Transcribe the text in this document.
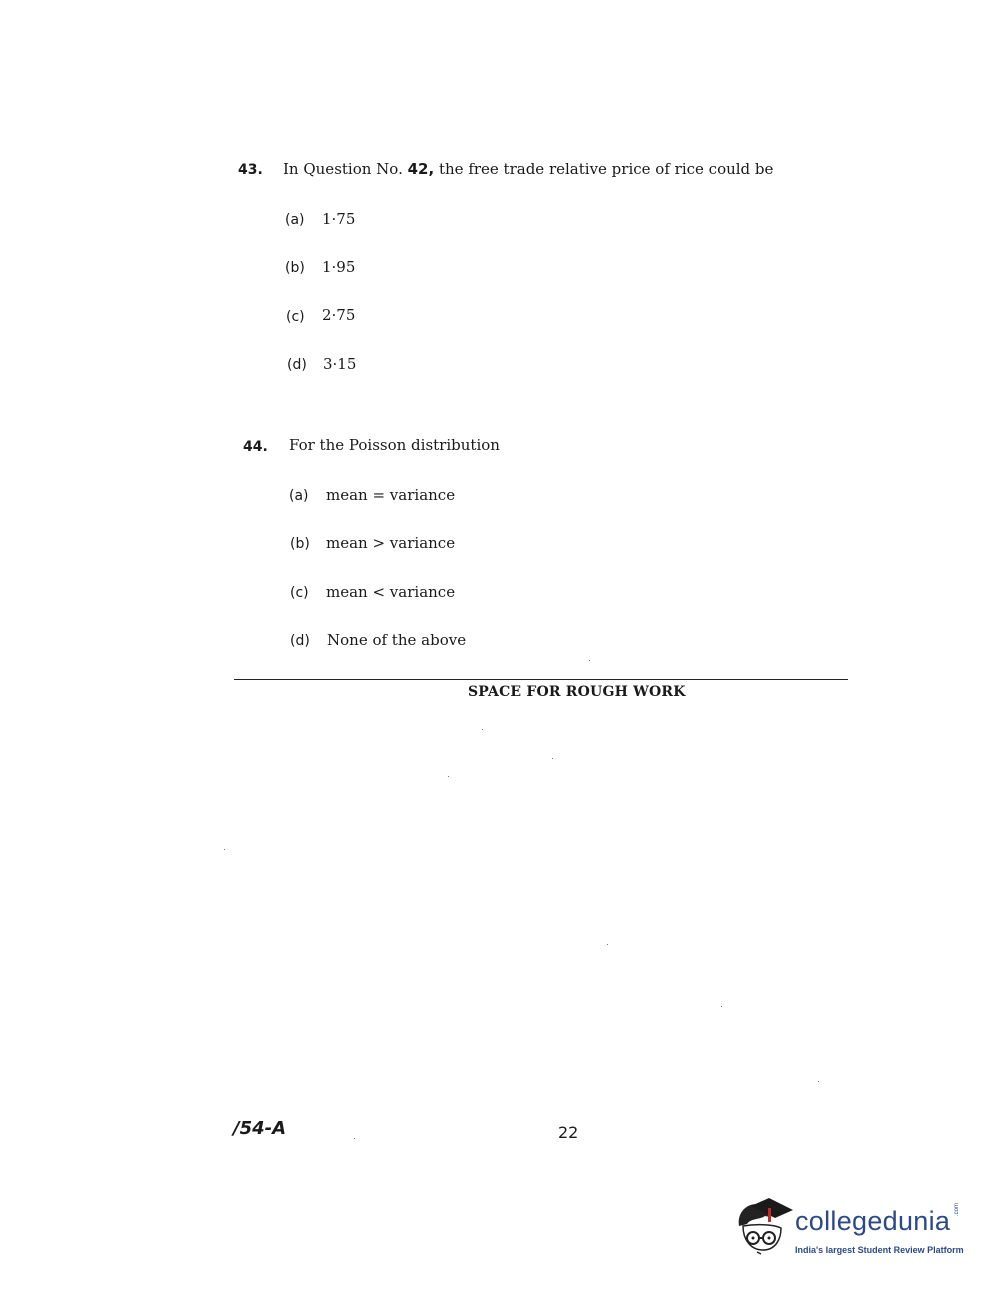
43. In Question No. 42, the free trade relative price of rice could be
(a) 1·75
(b) 1·95
(c) 2·75
(d) 3·15
44. For the Poisson distribution
(a) mean = variance
(b) mean > variance
(c) mean < variance
(d) None of the above
SPACE FOR ROUGH WORK
/54-A	22
collegedunia .com
India's largest Student Review Platform
